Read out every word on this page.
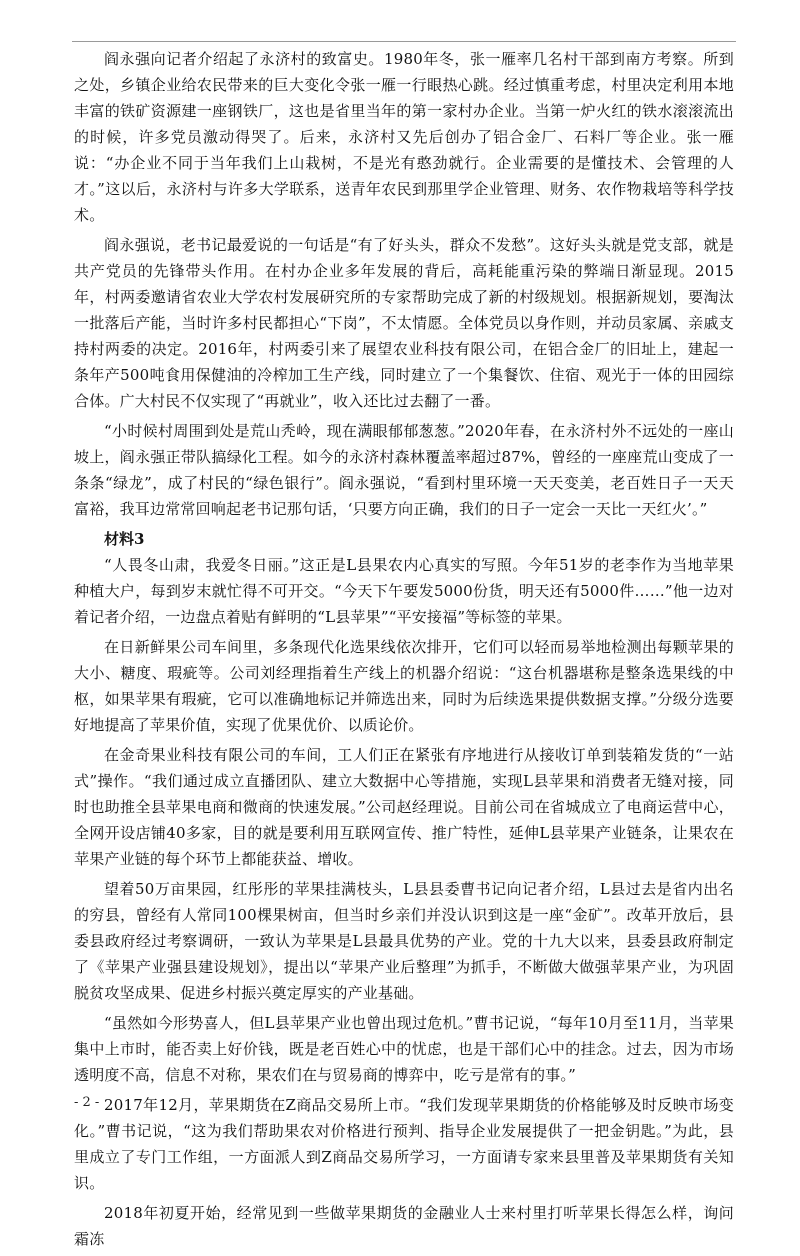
阎永强向记者介绍起了永济村的致富史。1980年冬，张一雁率几名村干部到南方考察。所到之处，乡镇企业给农民带来的巨大变化令张一雁一行眼热心跳。经过慎重考虑，村里决定利用本地丰富的铁矿资源建一座钢铁厂，这也是省里当年的第一家村办企业。当第一炉火红的铁水滚滚流出的时候，许多党员激动得哭了。后来，永济村又先后创办了铝合金厂、石料厂等企业。张一雁说：“办企业不同于当年我们上山栽树，不是光有憨劲就行。企业需要的是懂技术、会管理的人才。”这以后，永济村与许多大学联系，送青年农民到那里学企业管理、财务、农作物栽培等科学技术。

阎永强说，老书记最爱说的一句话是“有了好头头，群众不发愁”。这好头头就是党支部，就是共产党员的先锋带头作用。在村办企业多年发展的背后，高耗能重污染的弊端日渐显现。2015年，村两委邀请省农业大学农村发展研究所的专家帮助完成了新的村级规划。根据新规划，要淘汰一批落后产能，当时许多村民都担心“下岗”，不太情愿。全体党员以身作则，并动员家属、亲戚支持村两委的决定。2016年，村两委引来了展望农业科技有限公司，在铝合金厂的旧址上，建起一条年产500吨食用保健油的冷榨加工生产线，同时建立了一个集餐饮、住宿、观光于一体的田园综合体。广大村民不仅实现了“再就业”，收入还比过去翻了一番。

“小时候村周围到处是荒山秃岭，现在满眼郁郁葱葱。”2020年春，在永济村外不远处的一座山坡上，阎永强正带队搞绿化工程。如今的永济村森林覆盖率超过87%，曾经的一座座荒山变成了一条条“绿龙”，成了村民的“绿色银行”。阎永强说，“看到村里环境一天天变美，老百姓日子一天天富裕，我耳边常常回响起老书记那句话，‘只要方向正确，我们的日子一定会一天比一天红火’。”

材料3

“人畏冬山肃，我爱冬日丽。”这正是L县果农内心真实的写照。今年51岁的老李作为当地苹果种植大户，每到岁末就忙得不可开交。“今天下午要发5000份货，明天还有5000件……”他一边对着记者介绍，一边盘点着贴有鲜明的“L县苹果”“平安接福”等标签的苹果。

在日新鲜果公司车间里，多条现代化选果线依次排开，它们可以轻而易举地检测出每颗苹果的大小、糖度、瑕疵等。公司刘经理指着生产线上的机器介绍说：“这台机器堪称是整条选果线的中枢，如果苹果有瑕疵，它可以准确地标记并筛选出来，同时为后续选果提供数据支撑。”分级分选要好地提高了苹果价值，实现了优果优价、以质论价。

在金奇果业科技有限公司的车间，工人们正在紧张有序地进行从接收订单到装箱发货的“一站式”操作。“我们通过成立直播团队、建立大数据中心等措施，实现L县苹果和消费者无缝对接，同时也助推全县苹果电商和微商的快速发展。”公司赵经理说。目前公司在省城成立了电商运营中心，全网开设店铺40多家，目的就是要利用互联网宣传、推广特性，延伸L县苹果产业链条，让果农在苹果产业链的每个环节上都能获益、增收。

望着50万亩果园，红彤彤的苹果挂满枝头，L县县委曹书记向记者介绍，L县过去是省内出名的穷县，曾经有人常同100棵果树亩，但当时乡亲们并没认识到这是一座“金矿”。改革开放后，县委县政府经过考察调研，一致认为苹果是L县最具优势的产业。党的十九大以来，县委县政府制定了《苹果产业强县建设规划》，提出以“苹果产业后整理”为抓手，不断做大做强苹果产业，为巩固脱贫攻坚成果、促进乡村振兴奠定厚实的产业基础。

“虽然如今形势喜人，但L县苹果产业也曾出现过危机。”曹书记说，“每年10月至11月，当苹果集中上市时，能否卖上好价钱，既是老百姓心中的忧虑，也是干部们心中的挂念。过去，因为市场透明度不高，信息不对称，果农们在与贸易商的博弈中，吃亏是常有的事。”

2017年12月，苹果期货在Z商品交易所上市。“我们发现苹果期货的价格能够及时反映市场变化。”曹书记说，“这为我们帮助果农对价格进行预判、指导企业发展提供了一把金钥匙。”为此，县里成立了专门工作组，一方面派人到Z商品交易所学习，一方面请专家来县里普及苹果期货有关知识。

2018年初夏开始，经常见到一些做苹果期货的金融业人士来村里打听苹果长得怎么样，询问霜冻

- 2 -
